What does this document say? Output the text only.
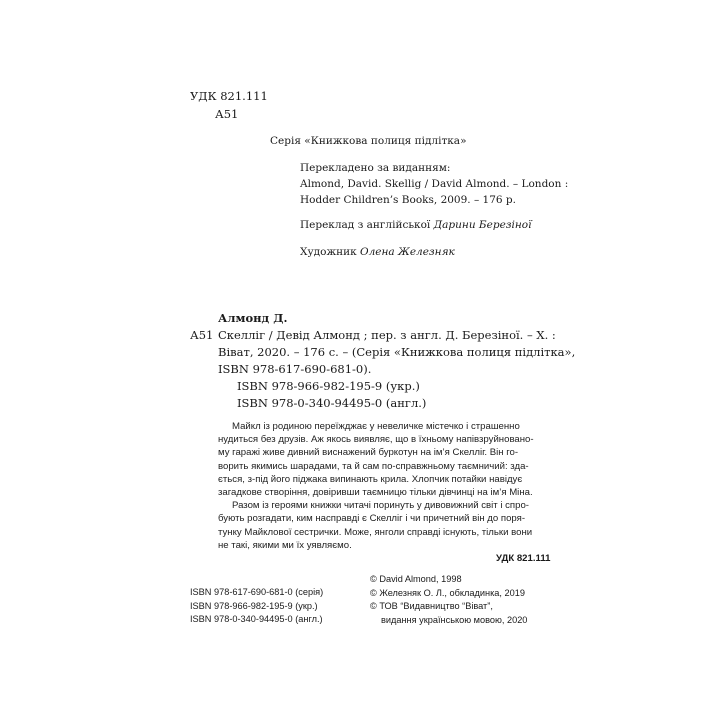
УДК 821.111
А51
Серія «Книжкова полиця підлітка»
Перекладено за виданням:
Almond, David. Skellig / David Almond. – London :
Hodder Children’s Books, 2009. – 176 p.
Переклад з англійської Дарини Березіної
Художник Олена Железняк
Алмонд Д.
А51 Скелліг / Девід Алмонд ; пер. з англ. Д. Березіної. – Х. :
Віват, 2020. – 176 с. – (Серія «Книжкова полиця підлітка»,
ISBN 978-617-690-681-0).
ISBN 978-966-982-195-9 (укр.)
ISBN 978-0-340-94495-0 (англ.)
Майкл із родиною переїжджає у невеличке містечко і страшенно
нудиться без друзів. Аж якось виявляє, що в їхньому напівзруйновано-
му гаражі живе дивний виснажений буркотун на ім’я Скелліг. Він го-
ворить якимись шарадами, та й сам по-справжньому таємничий: зда-
ється, з-під його піджака випинають крила. Хлопчик потайки навідує
загадкове створіння, довіривши таємницю тільки дівчинці на ім’я Міна.
Разом із героями книжки читачі поринуть у дивовижний світ і спро-
бують розгадати, ким насправді є Скелліг і чи причетний він до поря-
тунку Майклової сестрички. Може, янголи справді існують, тільки вони
не такі, якими ми їх уявляємо.
УДК 821.111
ISBN 978-617-690-681-0 (серія)
ISBN 978-966-982-195-9 (укр.)
ISBN 978-0-340-94495-0 (англ.)
© David Almond, 1998
© Железняк О. Л., обкладинка, 2019
© ТОВ “Видавництво “Віват”,
видання українською мовою, 2020
